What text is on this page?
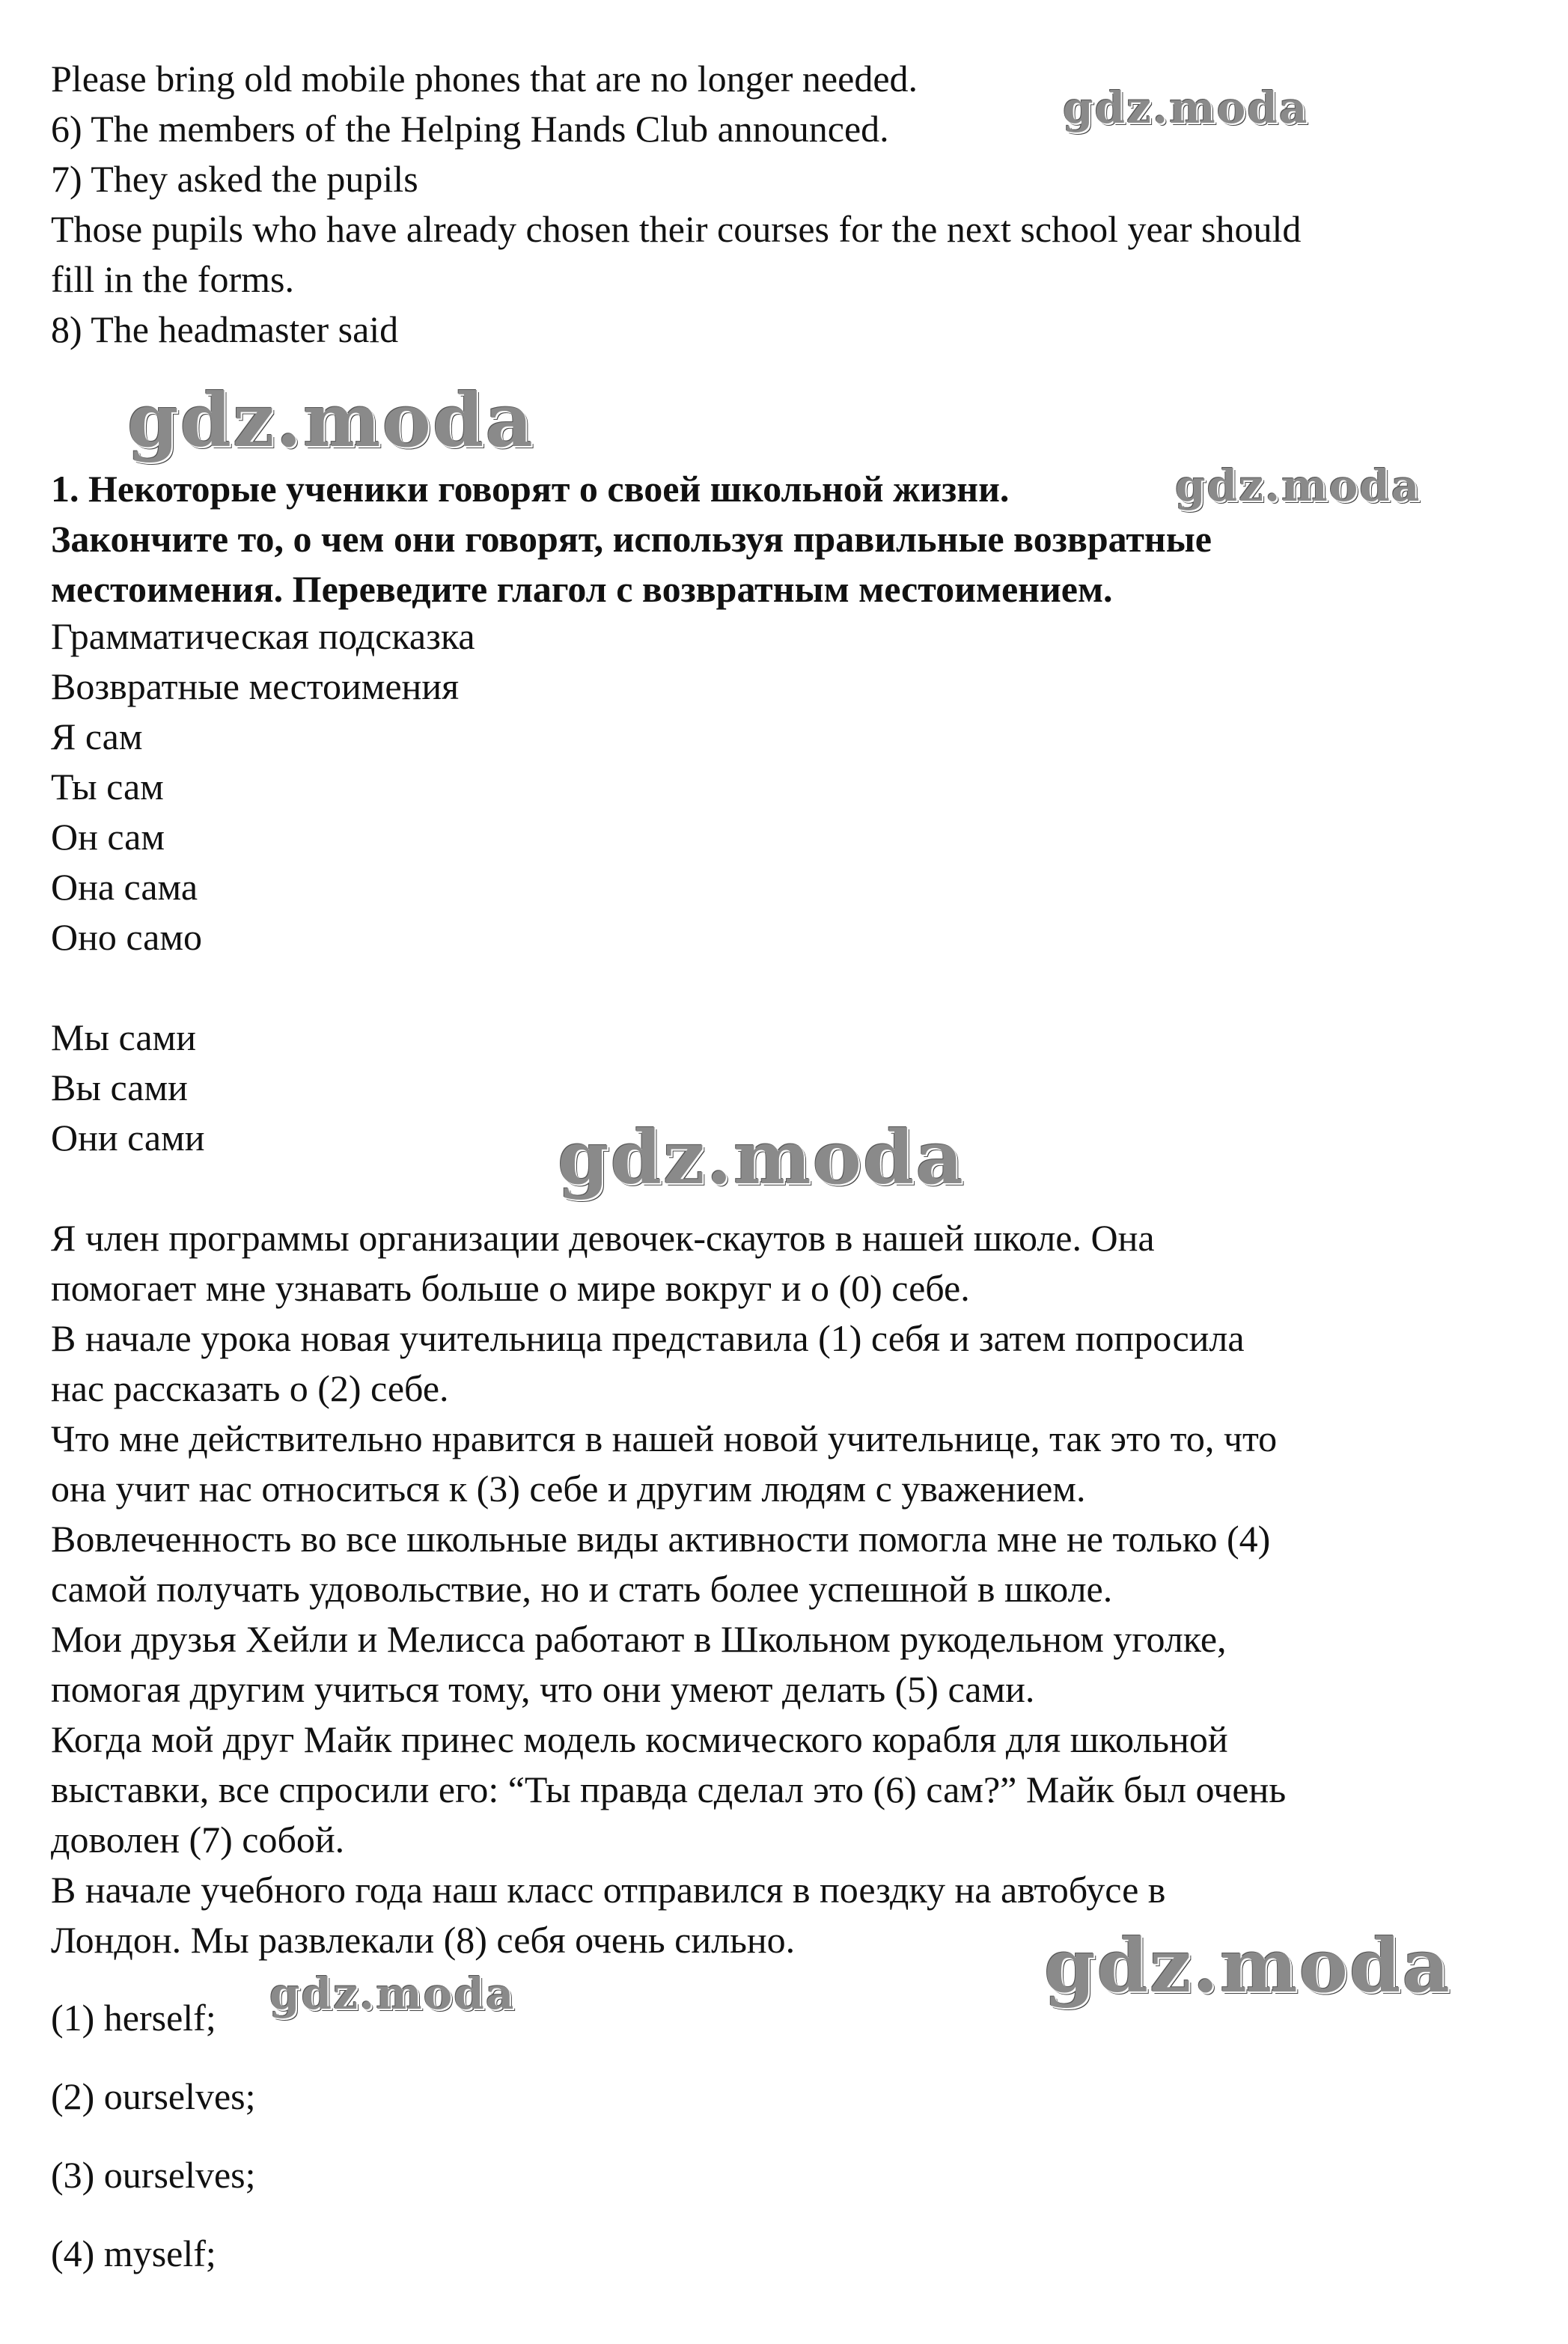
Please bring old mobile phones that are no longer needed.
6) The members of the Helping Hands Club announced.
7) They asked the pupils
Those pupils who have already chosen their courses for the next school year should
fill in the forms.
8) The headmaster said
1. Некоторые ученики говорят о своей школьной жизни.
Закончите то, о чем они говорят, используя правильные возвратные
местоимения. Переведите глагол с возвратным местоимением.
Грамматическая подсказка
Возвратные местоимения
Я сам
Ты сам
Он сам
Она сама
Оно само
Мы сами
Вы сами
Они сами
Я член программы организации девочек-скаутов в нашей школе. Она
помогает мне узнавать больше о мире вокруг и о (0) себе.
В начале урока новая учительница представила (1) себя и затем попросила
нас рассказать о (2) себе.
Что мне действительно нравится в нашей новой учительнице, так это то, что
она учит нас относиться к (3) себе и другим людям с уважением.
Вовлеченность во все школьные виды активности помогла мне не только (4)
самой получать удовольствие, но и стать более успешной в школе.
Мои друзья Хейли и Мелисса работают в Школьном рукодельном уголке,
помогая другим учиться тому, что они умеют делать (5) сами.
Когда мой друг Майк принес модель космического корабля для школьной
выставки, все спросили его: “Ты правда сделал это (6) сам?” Майк был очень
доволен (7) собой.
В начале учебного года наш класс отправился в поездку на автобусе в
Лондон. Мы развлекали (8) себя очень сильно.
(1) herself;
(2) ourselves;
(3) ourselves;
(4) myself;
gdz.moda
gdz.moda
gdz.moda
gdz.moda
gdz.moda
gdz.moda
